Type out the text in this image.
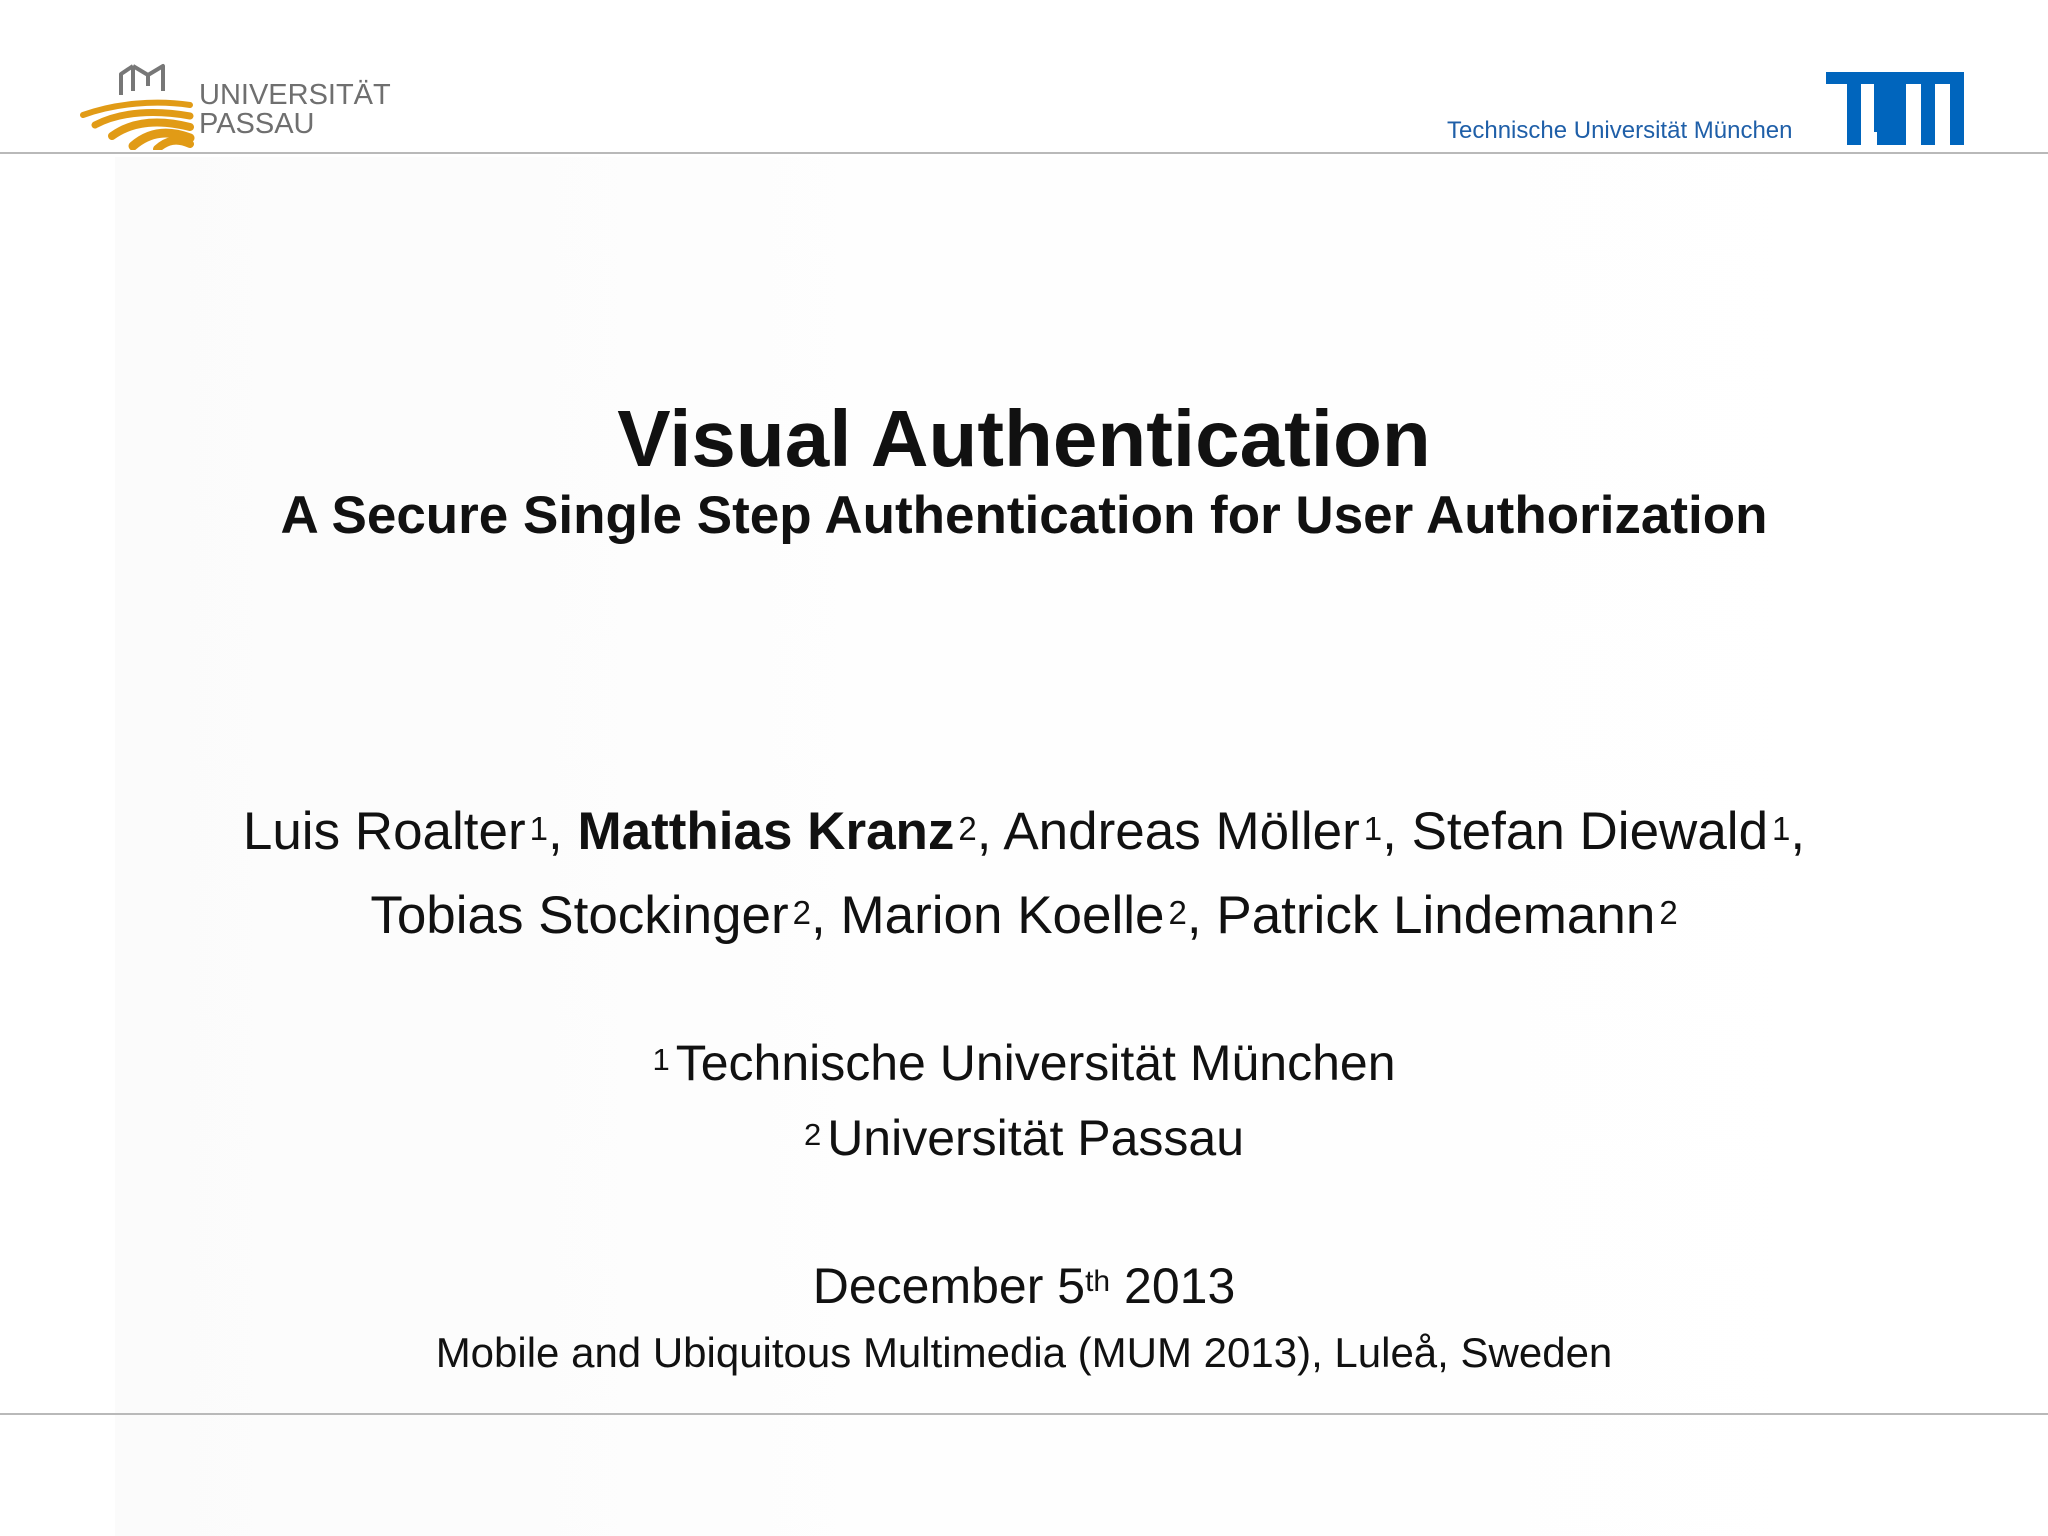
UNIVERSITÄT
PASSAU	Technische Universität München
Visual Authentication
A Secure Single Step Authentication for User Authorization
Luis Roalter $^1$, Matthias Kranz $^2$, Andreas Möller $^1$, Stefan Diewald $^1$,
Tobias Stockinger $^2$, Marion Koelle $^2$, Patrick Lindemann $^2$
$^1$ Technische Universität München
$^2$ Universität Passau
December 5th 2013
Mobile and Ubiquitous Multimedia (MUM 2013), Luleå, Sweden
